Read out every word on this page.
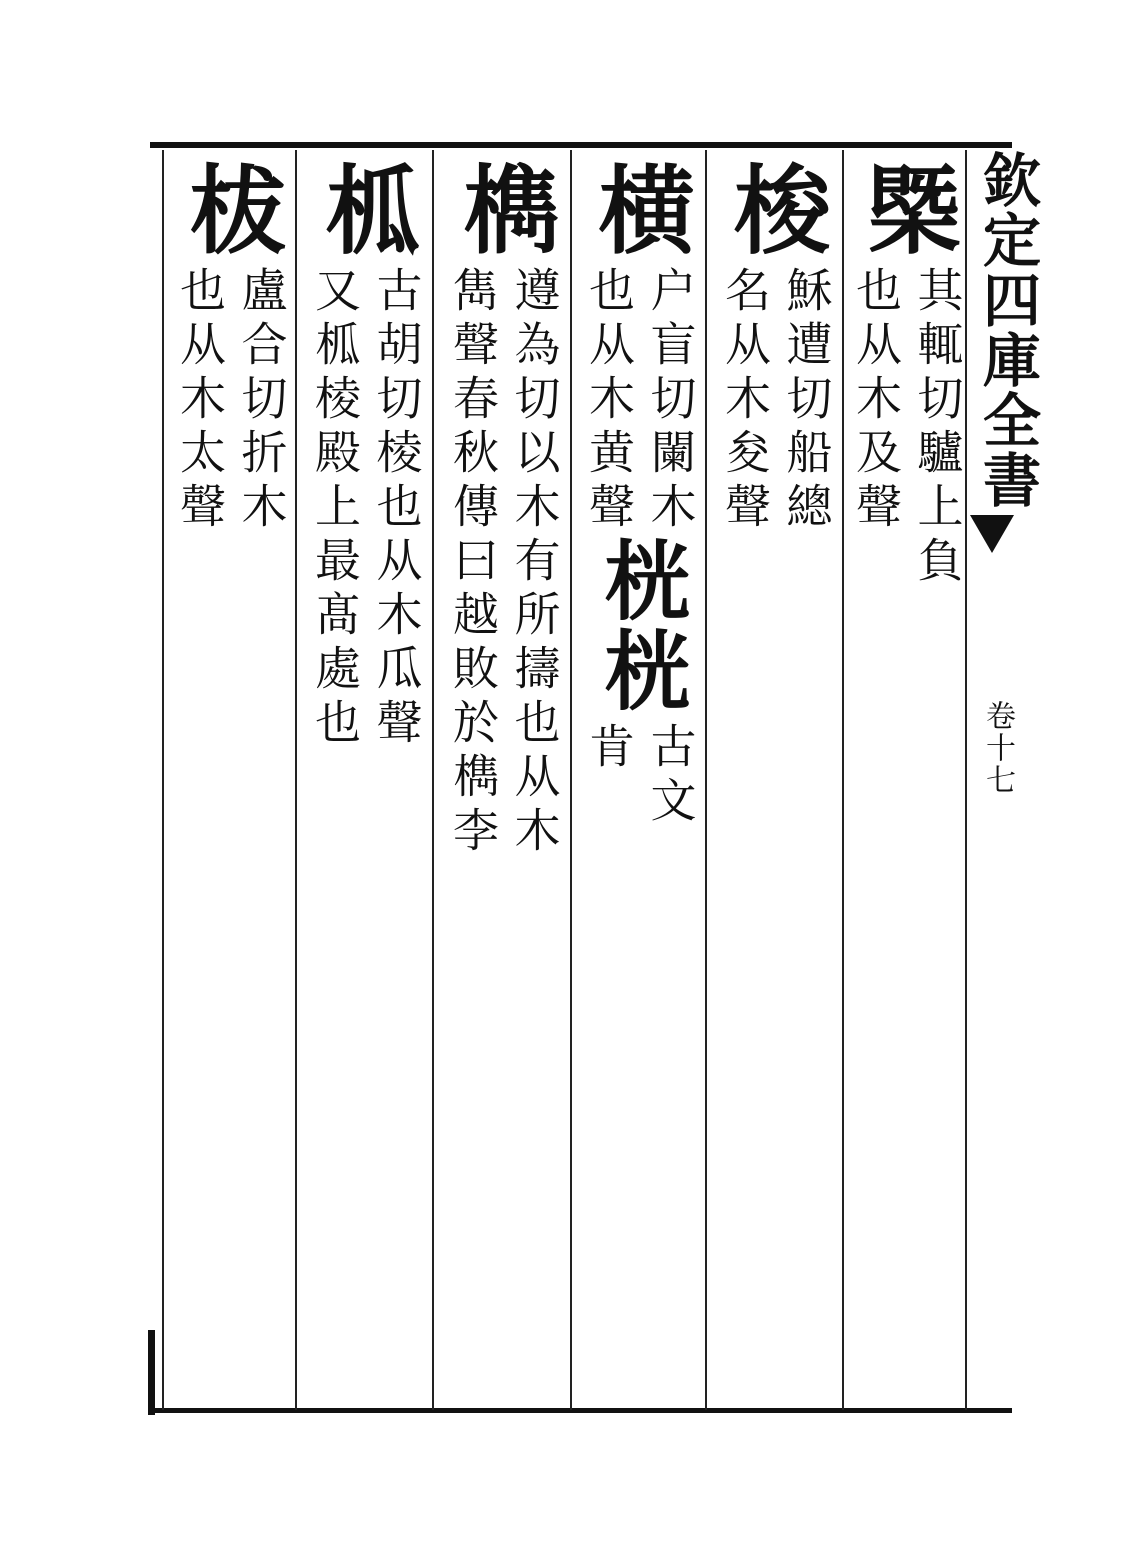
欽定四庫全書
卷十七
㮣
其輒切驢上負
也从木及聲
梭
穌遭切船總
名从木夋聲
横
户盲切闌木
也从木黄聲
桄
桄
古文
肯
檇
遵為切以木有所擣也从木
雋聲春秋傳曰越敗於檇李
柧
古胡切棱也从木瓜聲
又柧棱殿上最髙處也
柭
盧合切折木
也从木太聲
